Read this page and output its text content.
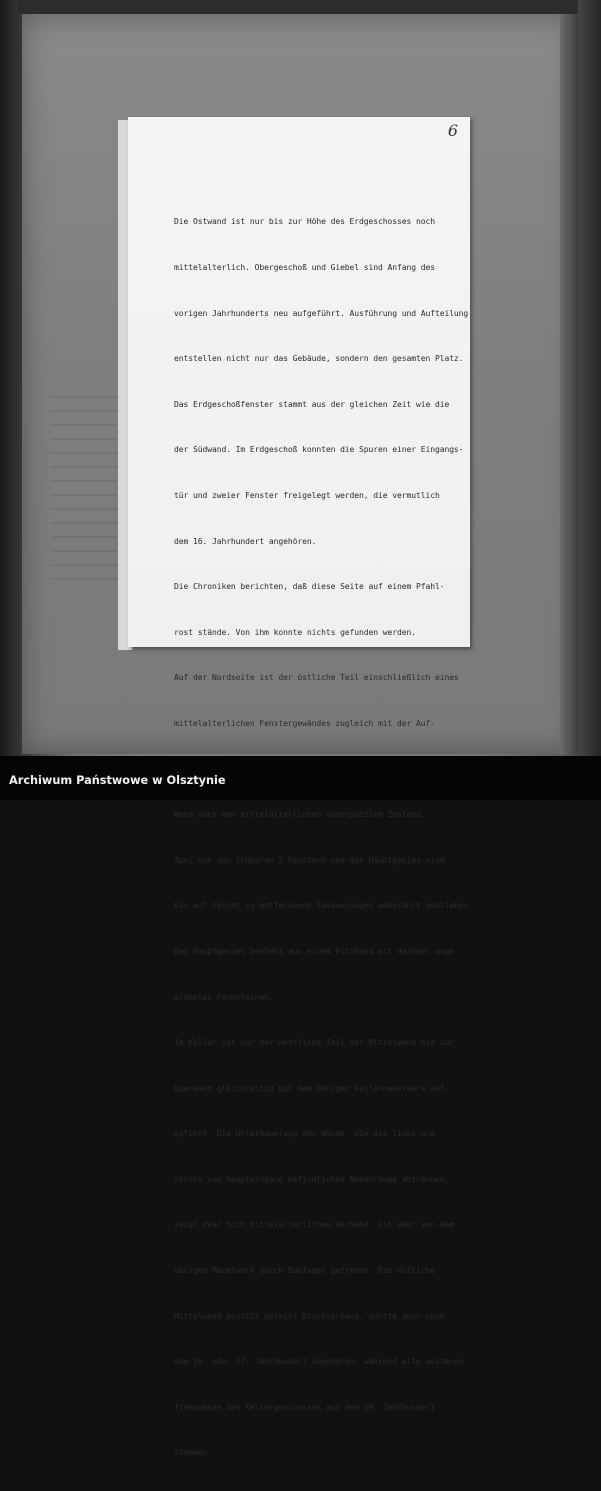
6

Die Ostwand ist nur bis zur Höhe des Erdgeschosses noch

mittelalterlich. Obergeschoß und Giebel sind Anfang des

vorigen Jahrhunderts neu aufgeführt. Ausführung und Aufteilung

entstellen nicht nur das Gebäude, sondern den gesamten Platz.

Das Erdgeschoßfenster stammt aus der gleichen Zeit wie die

der Südwand. Im Erdgeschoß konnten die Spuren einer Eingangs-

tür und zweier Fenster freigelegt werden, die vermutlich

dem 16. Jahrhundert angehören.

Die Chroniken berichten, daß diese Seite auf einem Pfahl-

rost stände. Von ihm konnte nichts gefunden werden.

Auf der Nordseite ist der östliche Teil einschließlich eines

mittelalterlichen Fenstergewändes zugleich mit der Auf-

Wand noch den mittelalterlichen unverputzten Zustand.

Zwei von den früheren 3 Fenstern und das Hauptgesims sind

bis auf leicht zu entfernende Zumauerungen unberührt geblieben.

Das Hauptgesims besteht aus einem Putzband mit darüber ange-

ordneten Formsteinen.

Im Keller ist nur der westliche Teil der Mittelwand bis zur

Querwand gleichzeitig mit dem übrigen Kellermauerwerk auf-

geführt. Die Untermauerung der Wände, die die links und

rechts vom Haupteingang befindlichen Nebenräume abtrennen,

zeigt zwar noch mittelalterlichen Verband, ist aber von dem

übrigen Mauerwerk durch Baufugen getrennt. Die östliche

Mittelwand besitzt bereits Blockverband, dürfte aber noch

dem 16. oder 17. Jahrhundert angehören, während alle weiteren

Trennwände des Kellergeschosses aus dem 19. Jahrhundert

stammen.

Archiwum Państwowe w Olsztynie
